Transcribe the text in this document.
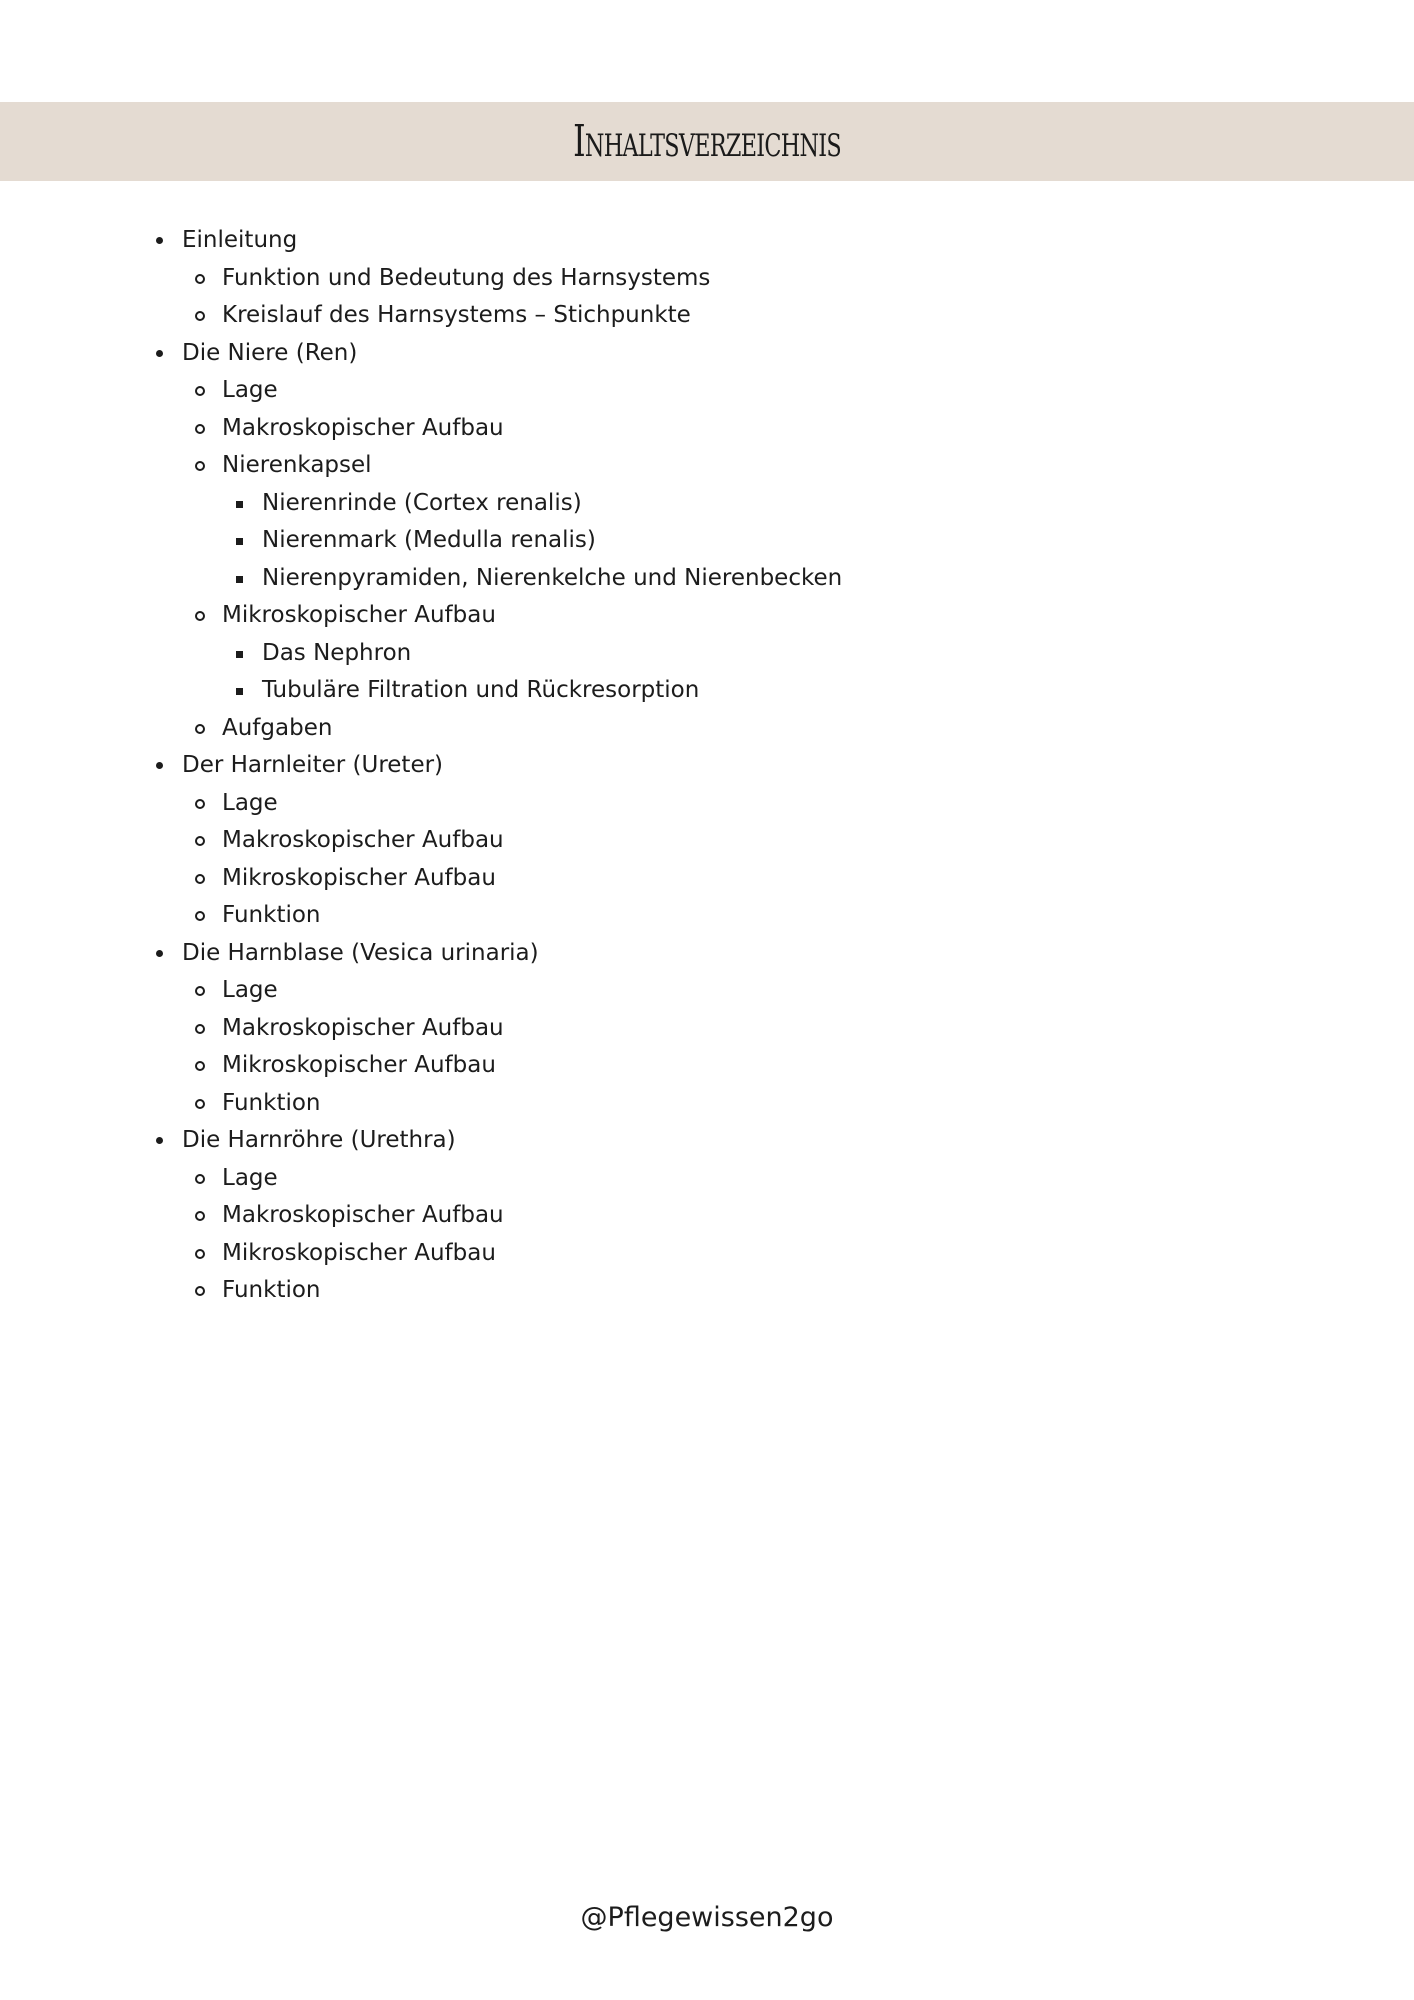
Inhaltsverzeichnis
Einleitung
Funktion und Bedeutung des Harnsystems
Kreislauf des Harnsystems – Stichpunkte
Die Niere (Ren)
Lage
Makroskopischer Aufbau
Nierenkapsel
Nierenrinde (Cortex renalis)
Nierenmark (Medulla renalis)
Nierenpyramiden, Nierenkelche und Nierenbecken
Mikroskopischer Aufbau
Das Nephron
Tubuläre Filtration und Rückresorption
Aufgaben
Der Harnleiter (Ureter)
Lage
Makroskopischer Aufbau
Mikroskopischer Aufbau
Funktion
Die Harnblase (Vesica urinaria)
Lage
Makroskopischer Aufbau
Mikroskopischer Aufbau
Funktion
Die Harnröhre (Urethra)
Lage
Makroskopischer Aufbau
Mikroskopischer Aufbau
Funktion
@Pflegewissen2go
